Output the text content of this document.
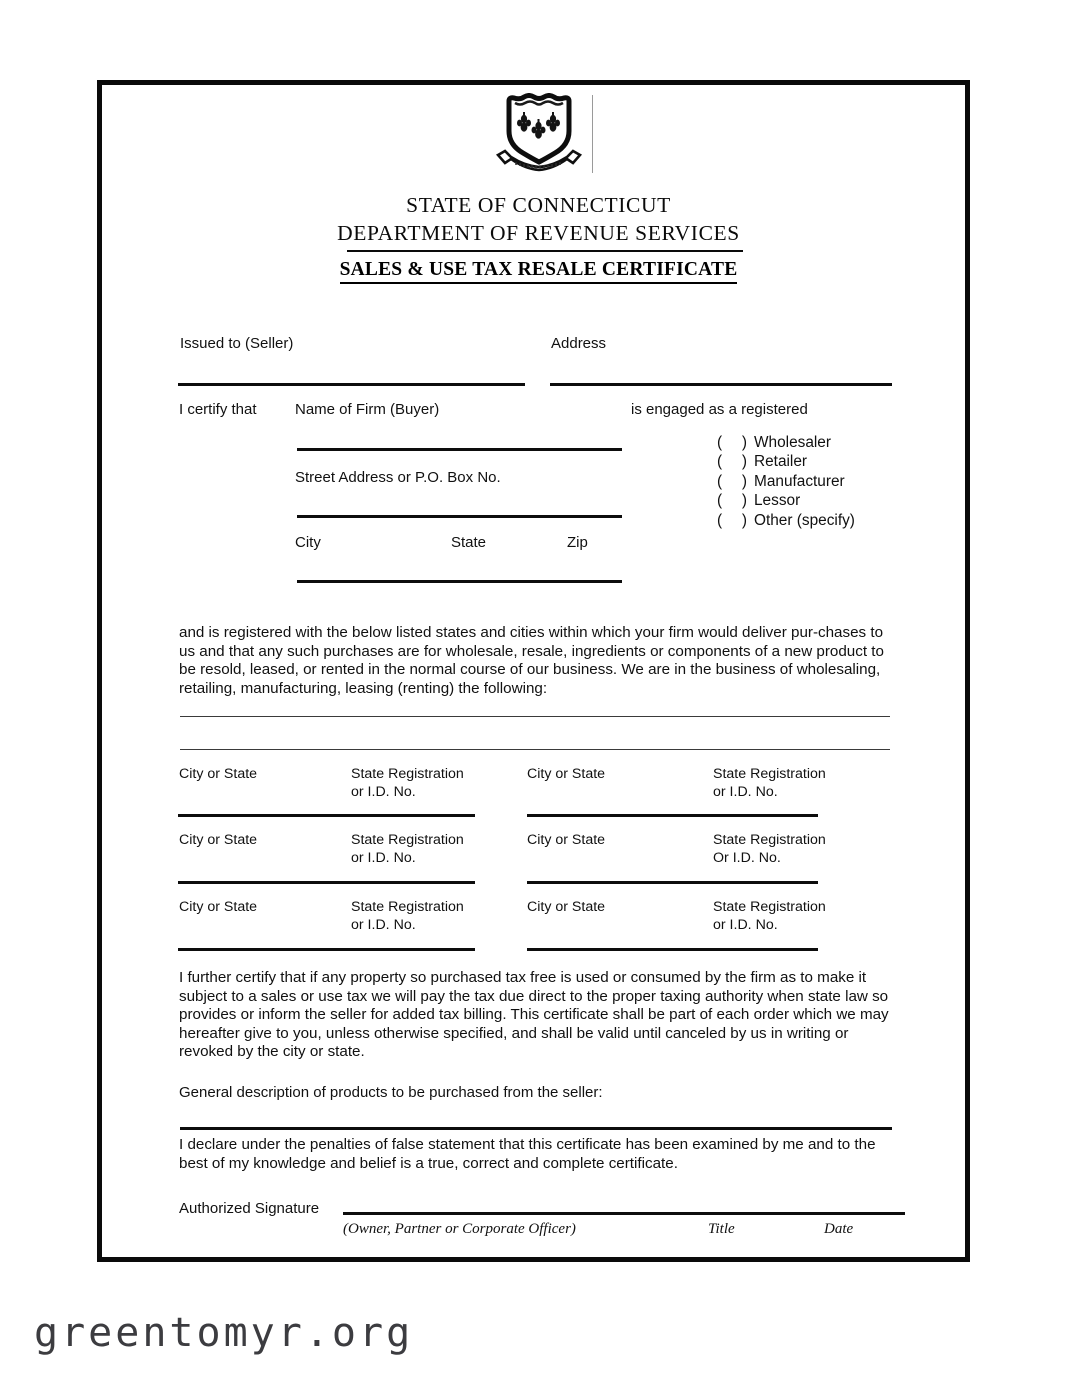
STATE OF CONNECTICUT
DEPARTMENT OF REVENUE SERVICES
SALES & USE TAX RESALE CERTIFICATE
Issued to (Seller)	Address
I certify that	Name of Firm (Buyer)
Street Address or P.O. Box No.
City	State	Zip
is engaged as a registered
(	) Wholesaler
(	) Retailer
(	) Manufacturer
(	) Lessor
(	) Other (specify)
and is registered with the below listed states and cities within which your firm would deliver pur-chases to us and that any such purchases are for wholesale, resale, ingredients or components of a new product to be resold, leased, or rented in the normal course of our business. We are in the business of wholesaling, retailing, manufacturing, leasing (renting) the following:
City or State	State Registration
or I.D. No.
City or State	State Registration
or I.D. No.
City or State	State Registration
or I.D. No.
City or State	State Registration
Or I.D. No.
City or State	State Registration
or I.D. No.
City or State	State Registration
or I.D. No.
I further certify that if any property so purchased tax free is used or consumed by the firm as to make it subject to a sales or use tax we will pay the tax due direct to the proper taxing authority when state law so provides or inform the seller for added tax billing. This certificate shall be part of each order which we may hereafter give to you, unless otherwise specified, and shall be valid until canceled by us in writing or revoked by the city or state.
General description of products to be purchased from the seller:
I declare under the penalties of false statement that this certificate has been examined by me and to the best of my knowledge and belief is a true, correct and complete certificate.
Authorized Signature
(Owner, Partner or Corporate Officer)	Title	Date
greentomyr.org
